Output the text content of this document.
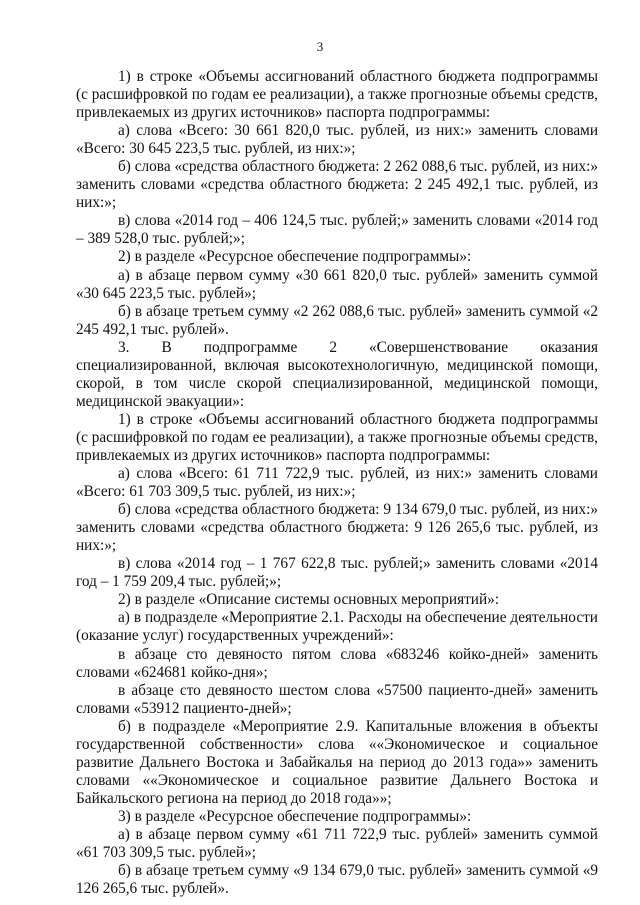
3

1) в строке «Объемы ассигнований областного бюджета подпрограммы (с расшифровкой по годам ее реализации), а также прогнозные объемы средств, привлекаемых из других источников» паспорта подпрограммы:

а) слова «Всего: 30 661 820,0 тыс. рублей, из них:» заменить словами «Всего: 30 645 223,5 тыс. рублей, из них:»;

б) слова «средства областного бюджета: 2 262 088,6 тыс. рублей, из них:» заменить словами «средства областного бюджета: 2 245 492,1 тыс. рублей, из них:»;

в) слова «2014 год – 406 124,5 тыс. рублей;» заменить словами «2014 год – 389 528,0 тыс. рублей;»;

2) в разделе «Ресурсное обеспечение подпрограммы»:

а) в абзаце первом сумму «30 661 820,0 тыс. рублей» заменить суммой «30 645 223,5 тыс. рублей»;

б) в абзаце третьем сумму «2 262 088,6 тыс. рублей» заменить суммой «2 245 492,1 тыс. рублей».

3. В подпрограмме 2 «Совершенствование оказания специализированной, включая высокотехнологичную, медицинской помощи, скорой, в том числе скорой специализированной, медицинской помощи, медицинской эвакуации»:

1) в строке «Объемы ассигнований областного бюджета подпрограммы (с расшифровкой по годам ее реализации), а также прогнозные объемы средств, привлекаемых из других источников» паспорта подпрограммы:

а) слова «Всего: 61 711 722,9 тыс. рублей, из них:» заменить словами «Всего: 61 703 309,5 тыс. рублей, из них:»;

б) слова «средства областного бюджета: 9 134 679,0 тыс. рублей, из них:» заменить словами «средства областного бюджета: 9 126 265,6 тыс. рублей, из них:»;

в) слова «2014 год – 1 767 622,8 тыс. рублей;» заменить словами «2014 год – 1 759 209,4 тыс. рублей;»;

2) в разделе «Описание системы основных мероприятий»:

а) в подразделе «Мероприятие 2.1. Расходы на обеспечение деятельности (оказание услуг) государственных учреждений»:

в абзаце сто девяносто пятом слова «683246 койко-дней» заменить словами «624681 койко-дня»;

в абзаце сто девяносто шестом слова «57500 пациенто-дней» заменить словами «53912 пациенто-дней»;

б) в подразделе «Мероприятие 2.9. Капитальные вложения в объекты государственной собственности» слова ««Экономическое и социальное развитие Дальнего Востока и Забайкалья на период до 2013 года»» заменить словами ««Экономическое и социальное развитие Дальнего Востока и Байкальского региона на период до 2018 года»»;

3) в разделе «Ресурсное обеспечение подпрограммы»:

а) в абзаце первом сумму «61 711 722,9 тыс. рублей» заменить суммой «61 703 309,5 тыс. рублей»;

б) в абзаце третьем сумму «9 134 679,0 тыс. рублей» заменить суммой «9 126 265,6 тыс. рублей».
